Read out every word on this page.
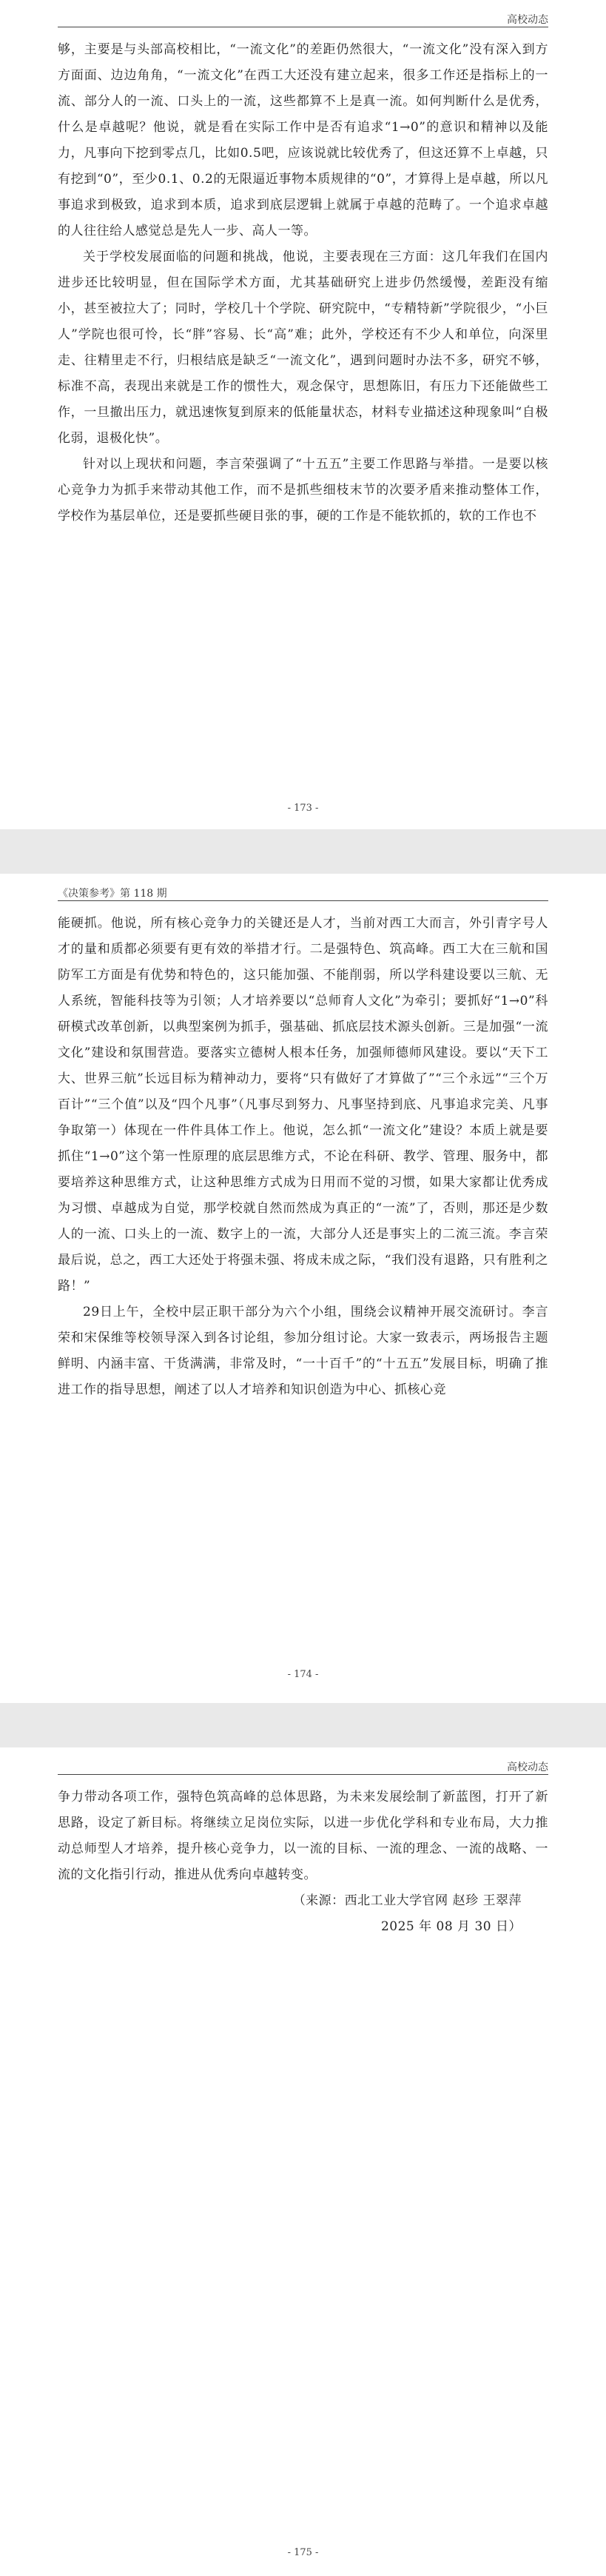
高校动态

够，主要是与头部高校相比，“一流文化”的差距仍然很大，“一流文化”没有深入到方方面面、边边角角，“一流文化”在西工大还没有建立起来，很多工作还是指标上的一流、部分人的一流、口头上的一流，这些都算不上是真一流。如何判断什么是优秀，什么是卓越呢？他说，就是看在实际工作中是否有追求“1→0”的意识和精神以及能力，凡事向下挖到零点几，比如0.5吧，应该说就比较优秀了，但这还算不上卓越，只有挖到“0”，至少0.1、0.2的无限逼近事物本质规律的“0”，才算得上是卓越，所以凡事追求到极致，追求到本质，追求到底层逻辑上就属于卓越的范畴了。一个追求卓越的人往往给人感觉总是先人一步、高人一等。

关于学校发展面临的问题和挑战，他说，主要表现在三方面：这几年我们在国内进步还比较明显，但在国际学术方面，尤其基础研究上进步仍然缓慢，差距没有缩小，甚至被拉大了；同时，学校几十个学院、研究院中，“专精特新”学院很少，“小巨人”学院也很可怜，长“胖”容易、长“高”难；此外，学校还有不少人和单位，向深里走、往精里走不行，归根结底是缺乏“一流文化”，遇到问题时办法不多，研究不够，标准不高，表现出来就是工作的惯性大，观念保守，思想陈旧，有压力下还能做些工作，一旦撤出压力，就迅速恢复到原来的低能量状态，材料专业描述这种现象叫“自极化弱，退极化快”。

针对以上现状和问题，李言荣强调了“十五五”主要工作思路与举措。一是要以核心竞争力为抓手来带动其他工作，而不是抓些细枝末节的次要矛盾来推动整体工作，学校作为基层单位，还是要抓些硬目张的事，硬的工作是不能软抓的，软的工作也不

- 173 -
《决策参考》第 118 期

能硬抓。他说，所有核心竞争力的关键还是人才，当前对西工大而言，外引青字号人才的量和质都必须要有更有效的举措才行。二是强特色、筑高峰。西工大在三航和国防军工方面是有优势和特色的，这只能加强、不能削弱，所以学科建设要以三航、无人系统，智能科技等为引领；人才培养要以“总师育人文化”为牵引；要抓好“1→0”科研模式改革创新，以典型案例为抓手，强基础、抓底层技术源头创新。三是加强“一流文化”建设和氛围营造。要落实立德树人根本任务，加强师德师风建设。要以“天下工大、世界三航”长远目标为精神动力，要将“只有做好了才算做了”“三个永远”“三个万百计”“三个值”以及“四个凡事”（凡事尽到努力、凡事坚持到底、凡事追求完美、凡事争取第一）体现在一件件具体工作上。他说，怎么抓“一流文化”建设？本质上就是要抓住“1→0”这个第一性原理的底层思维方式，不论在科研、教学、管理、服务中，都要培养这种思维方式，让这种思维方式成为日用而不觉的习惯，如果大家都让优秀成为习惯、卓越成为自觉，那学校就自然而然成为真正的“一流”了，否则，那还是少数人的一流、口头上的一流、数字上的一流，大部分人还是事实上的二流三流。李言荣最后说，总之，西工大还处于将强未强、将成未成之际，“我们没有退路，只有胜利之路！”

29日上午，全校中层正职干部分为六个小组，围绕会议精神开展交流研讨。李言荣和宋保维等校领导深入到各讨论组，参加分组讨论。大家一致表示，两场报告主题鲜明、内涵丰富、干货满满，非常及时，“一十百千”的“十五五”发展目标，明确了推进工作的指导思想，阐述了以人才培养和知识创造为中心、抓核心竞

- 174 -
高校动态

争力带动各项工作，强特色筑高峰的总体思路，为未来发展绘制了新蓝图，打开了新思路，设定了新目标。将继续立足岗位实际，以进一步优化学科和专业布局，大力推动总师型人才培养，提升核心竞争力，以一流的目标、一流的理念、一流的战略、一流的文化指引行动，推进从优秀向卓越转变。

（来源：西北工业大学官网 赵珍 王翠萍

2025 年 08 月 30 日）

- 175 -
